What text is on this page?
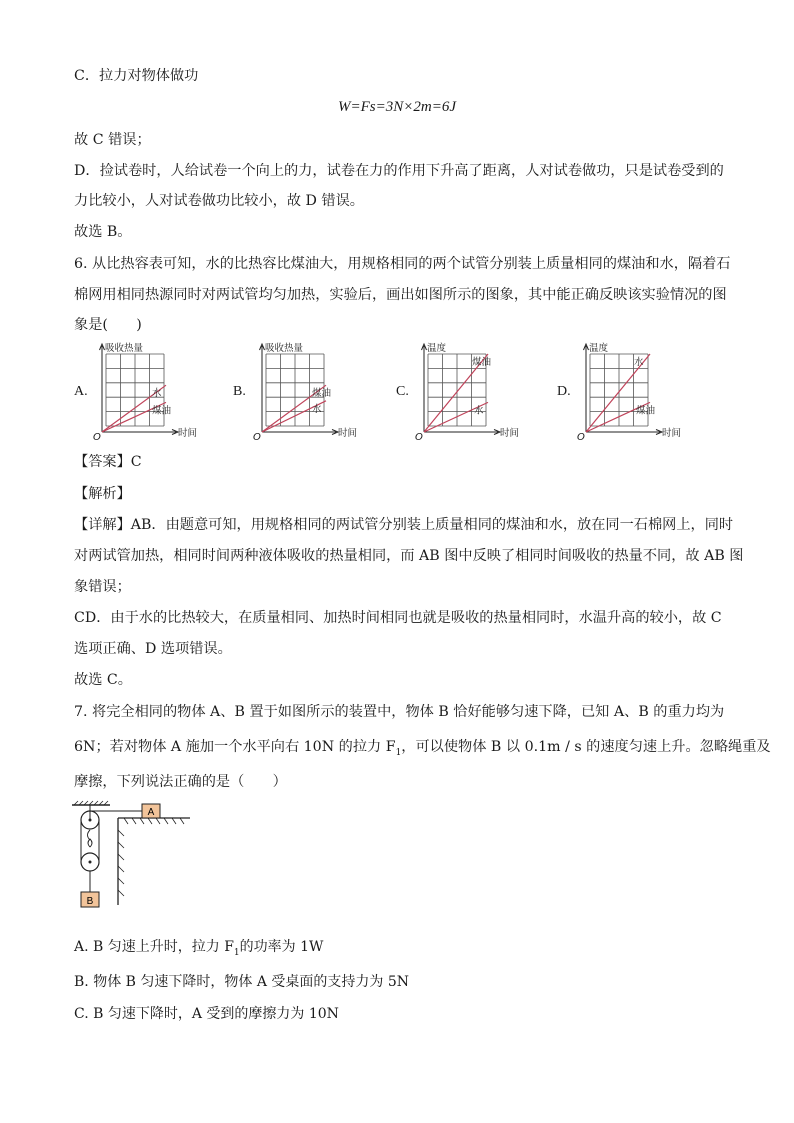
C．拉力对物体做功
W=Fs=3N×2m=6J
故 C 错误；
D．捡试卷时，人给试卷一个向上的力，试卷在力的作用下升高了距离，人对试卷做功，只是试卷受到的
力比较小，人对试卷做功比较小，故 D 错误。
故选 B。
6. 从比热容表可知，水的比热容比煤油大，用规格相同的两个试管分别装上质量相同的煤油和水，隔着石
棉网用相同热源同时对两试管均匀加热，实验后，画出如图所示的图象，其中能正确反映该实验情况的图
象是(　　)
A.	B.	C.	D.
吸收热量
时间
O
水
煤油
吸收热量
时间
O
煤油
水
温度
时间
O
煤油
水
温度
时间
O
水
煤油
【答案】C
【解析】
【详解】AB．由题意可知，用规格相同的两试管分别装上质量相同的煤油和水，放在同一石棉网上，同时
对两试管加热，相同时间两种液体吸收的热量相同，而 AB 图中反映了相同时间吸收的热量不同，故 AB 图
象错误；
CD．由于水的比热较大，在质量相同、加热时间相同也就是吸收的热量相同时，水温升高的较小，故 C
选项正确、D 选项错误。
故选 C。
7. 将完全相同的物体 A、B 置于如图所示的装置中，物体 B 恰好能够匀速下降，已知 A、B 的重力均为
6N；若对物体 A 施加一个水平向右 10N 的拉力 $F_1$，可以使物体 B 以 0.1m / s 的速度匀速上升。忽略绳重及
摩擦，下列说法正确的是（　　）
A
B
A. B 匀速上升时，拉力 $F_1$的功率为 1W
B. 物体 B 匀速下降时，物体 A 受桌面的支持力为 5N
C. B 匀速下降时，A 受到的摩擦力为 10N
